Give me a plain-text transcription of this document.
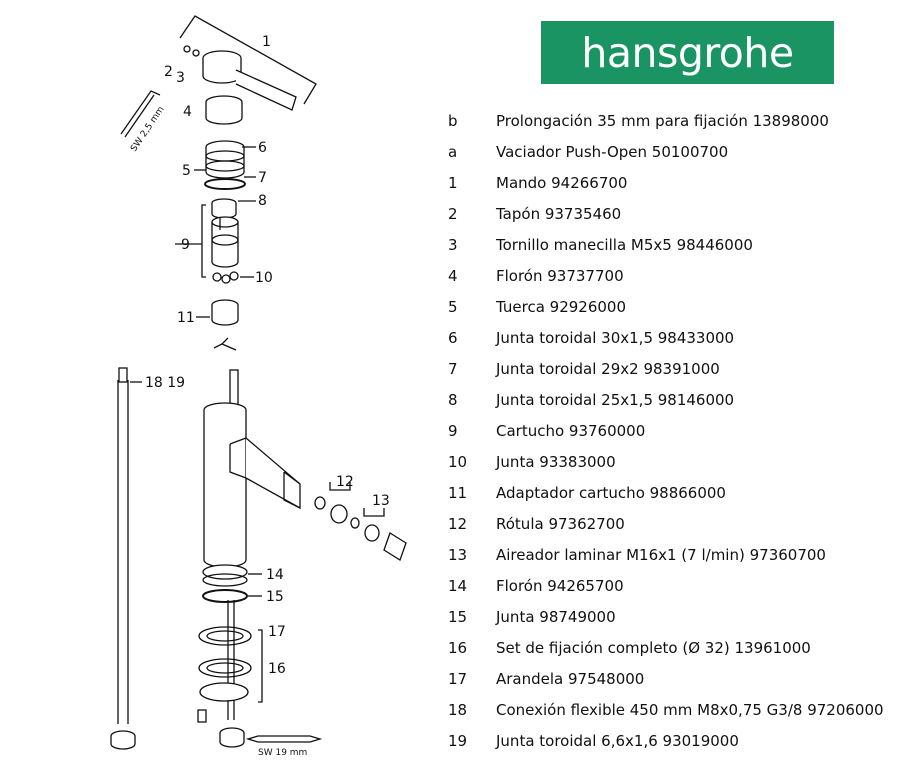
1
2 3
4
5
6
7
8
9
10
11
12
13
14
15
16
17
18 19
SW 2,5 mm
SW 19 mm
hansgrohe
b	Prolongación 35 mm para fijación 13898000
a	Vaciador Push-Open 50100700
1	Mando 94266700
2	Tapón 93735460
3	Tornillo manecilla M5x5 98446000
4	Florón 93737700
5	Tuerca 92926000
6	Junta toroidal 30x1,5 98433000
7	Junta toroidal 29x2 98391000
8	Junta toroidal 25x1,5 98146000
9	Cartucho 93760000
10	Junta 93383000
11	Adaptador cartucho 98866000
12	Rótula 97362700
13	Aireador laminar M16x1 (7 l/min) 97360700
14	Florón 94265700
15	Junta 98749000
16	Set de fijación completo (Ø 32) 13961000
17	Arandela 97548000
18	Conexión flexible 450 mm M8x0,75 G3/8 97206000
19	Junta toroidal 6,6x1,6 93019000
